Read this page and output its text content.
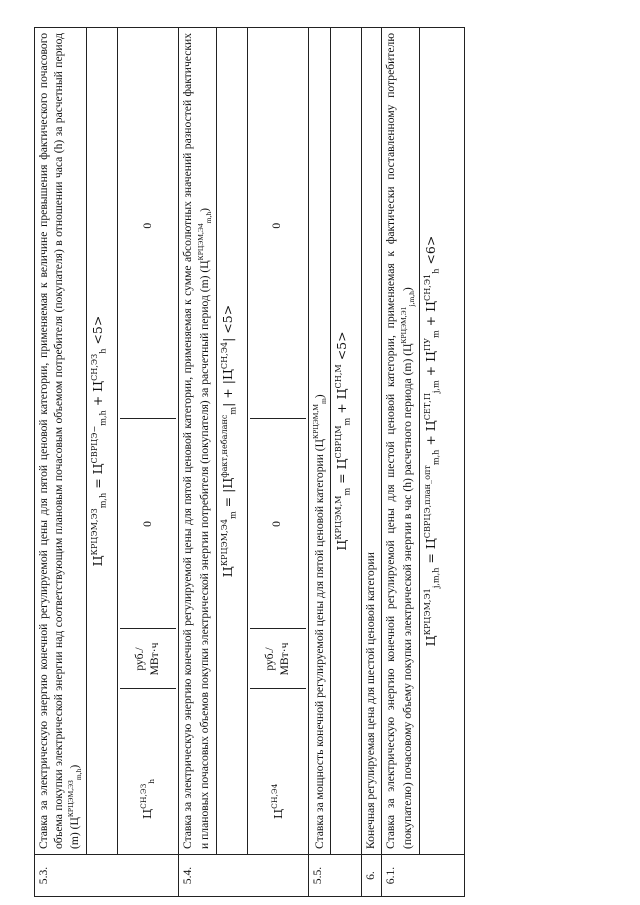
5.3.	Ставка за электрическую энергию конечной регулируемой цены для пятой ценовой категории, применяемая к величине превышения фактического почасового объема покупки электрической энергии над соответствующим плановым почасовым объемом потребителя (покупателя) в отношении часа (h) за расчетный период (m) $(Ц^{КРЦЭМ,ЭЗ}_{m,h})$
$Ц^{КРЦЭМ,ЭЗ}_{m,h} = Ц^{СВРЦЭ-}_{m,h} + Ц^{СН,ЭЗ}_h <5>$

$Ц^{СН,ЭЗ}_h$	руб./МВт·ч	0	0

5.4.	Ставка за электрическую энергию конечной регулируемой цены для пятой ценовой категории, применяемая к сумме абсолютных значений разностей фактических и плановых почасовых объемов покупки электрической энергии потребителя (покупателя) за расчетный период (m) $(Ц^{КРЦЭМ,Э4}_{m,h})$
$Ц^{КРЦЭМ,Э4}_m = |Ц^{факт,небаланс}_m| + |Ц^{СН,Э4}| <5>$

$Ц^{СН,Э4}$	руб./МВт·ч	0	0

5.5.	Ставка за мощность конечной регулируемой цены для пятой ценовой категории $(Ц^{КРЦЭМ,М}_m)$
$Ц^{КРЦЭМ,М}_m = Ц^{СВРЦМ}_m + Ц^{СН,М} <5>$
6.	Конечная регулируемая цена для шестой ценовой категории
6.1.	Ставка за электрическую энергию конечной регулируемой цены для шестой ценовой категории, применяемая к фактически поставленному потребителю (покупателю) почасовому объему покупки электрической энергии в час (h) расчетного периода (m) $(Ц^{КРЦЭМ,Э1}_{j,m,h})$
$Ц^{КРЦЭМ,Э1}_{j,m,h} = Ц^{СВРЦЭ,план\_опт}_{m,h} + Ц^{СЕТ,П}_{j,m} + Ц^{ПУ}_m + Ц^{СН,Э1}_h <6>$
